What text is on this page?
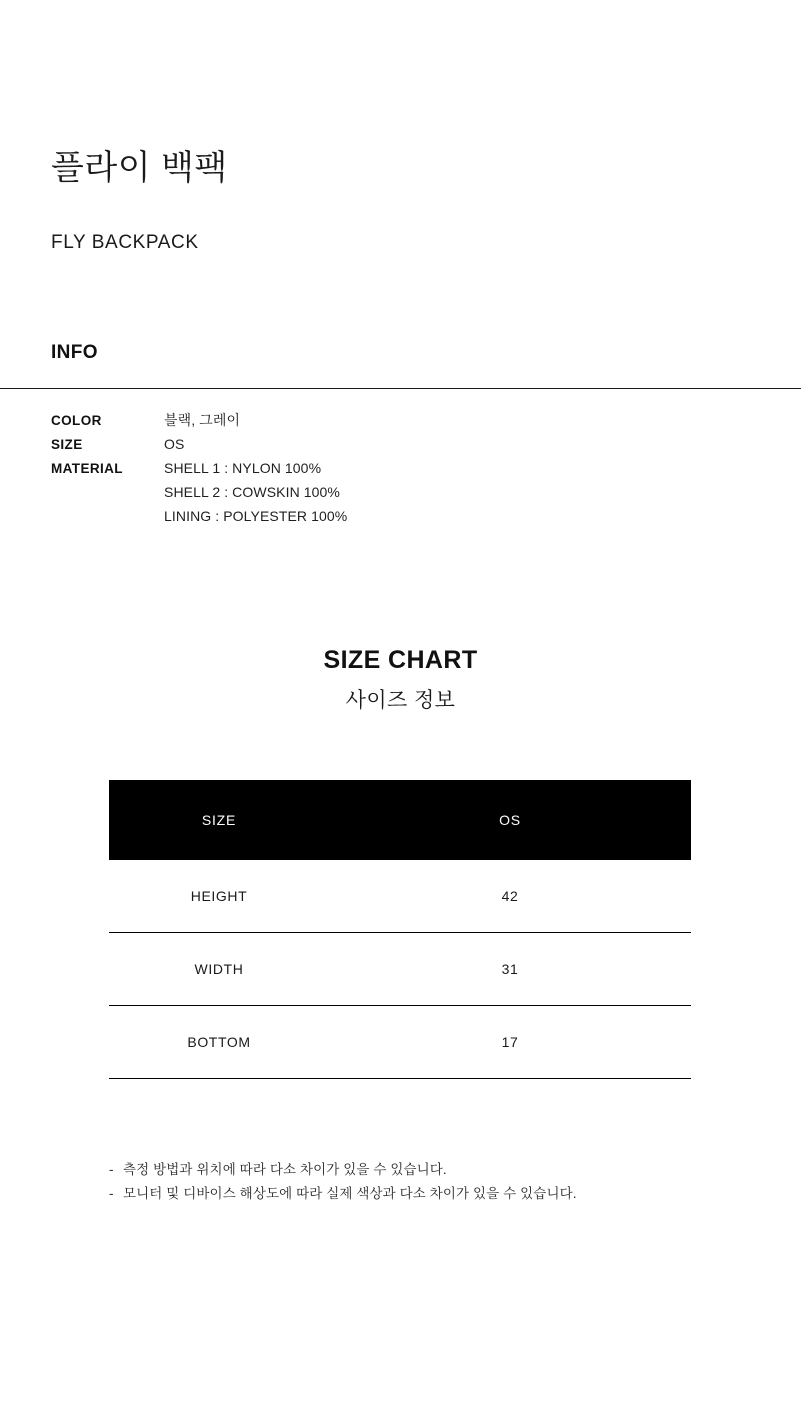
플라이 백팩
FLY BACKPACK
INFO
COLOR	블랙, 그레이
SIZE	OS
MATERIAL	SHELL 1 : NYLON 100%
SHELL 2 : COWSKIN 100%
LINING : POLYESTER 100%
SIZE CHART
사이즈 정보
SIZE	OS
HEIGHT	42
WIDTH	31
BOTTOM	17
- 측정 방법과 위치에 따라 다소 차이가 있을 수 있습니다.
- 모니터 및 디바이스 해상도에 따라 실제 색상과 다소 차이가 있을 수 있습니다.
